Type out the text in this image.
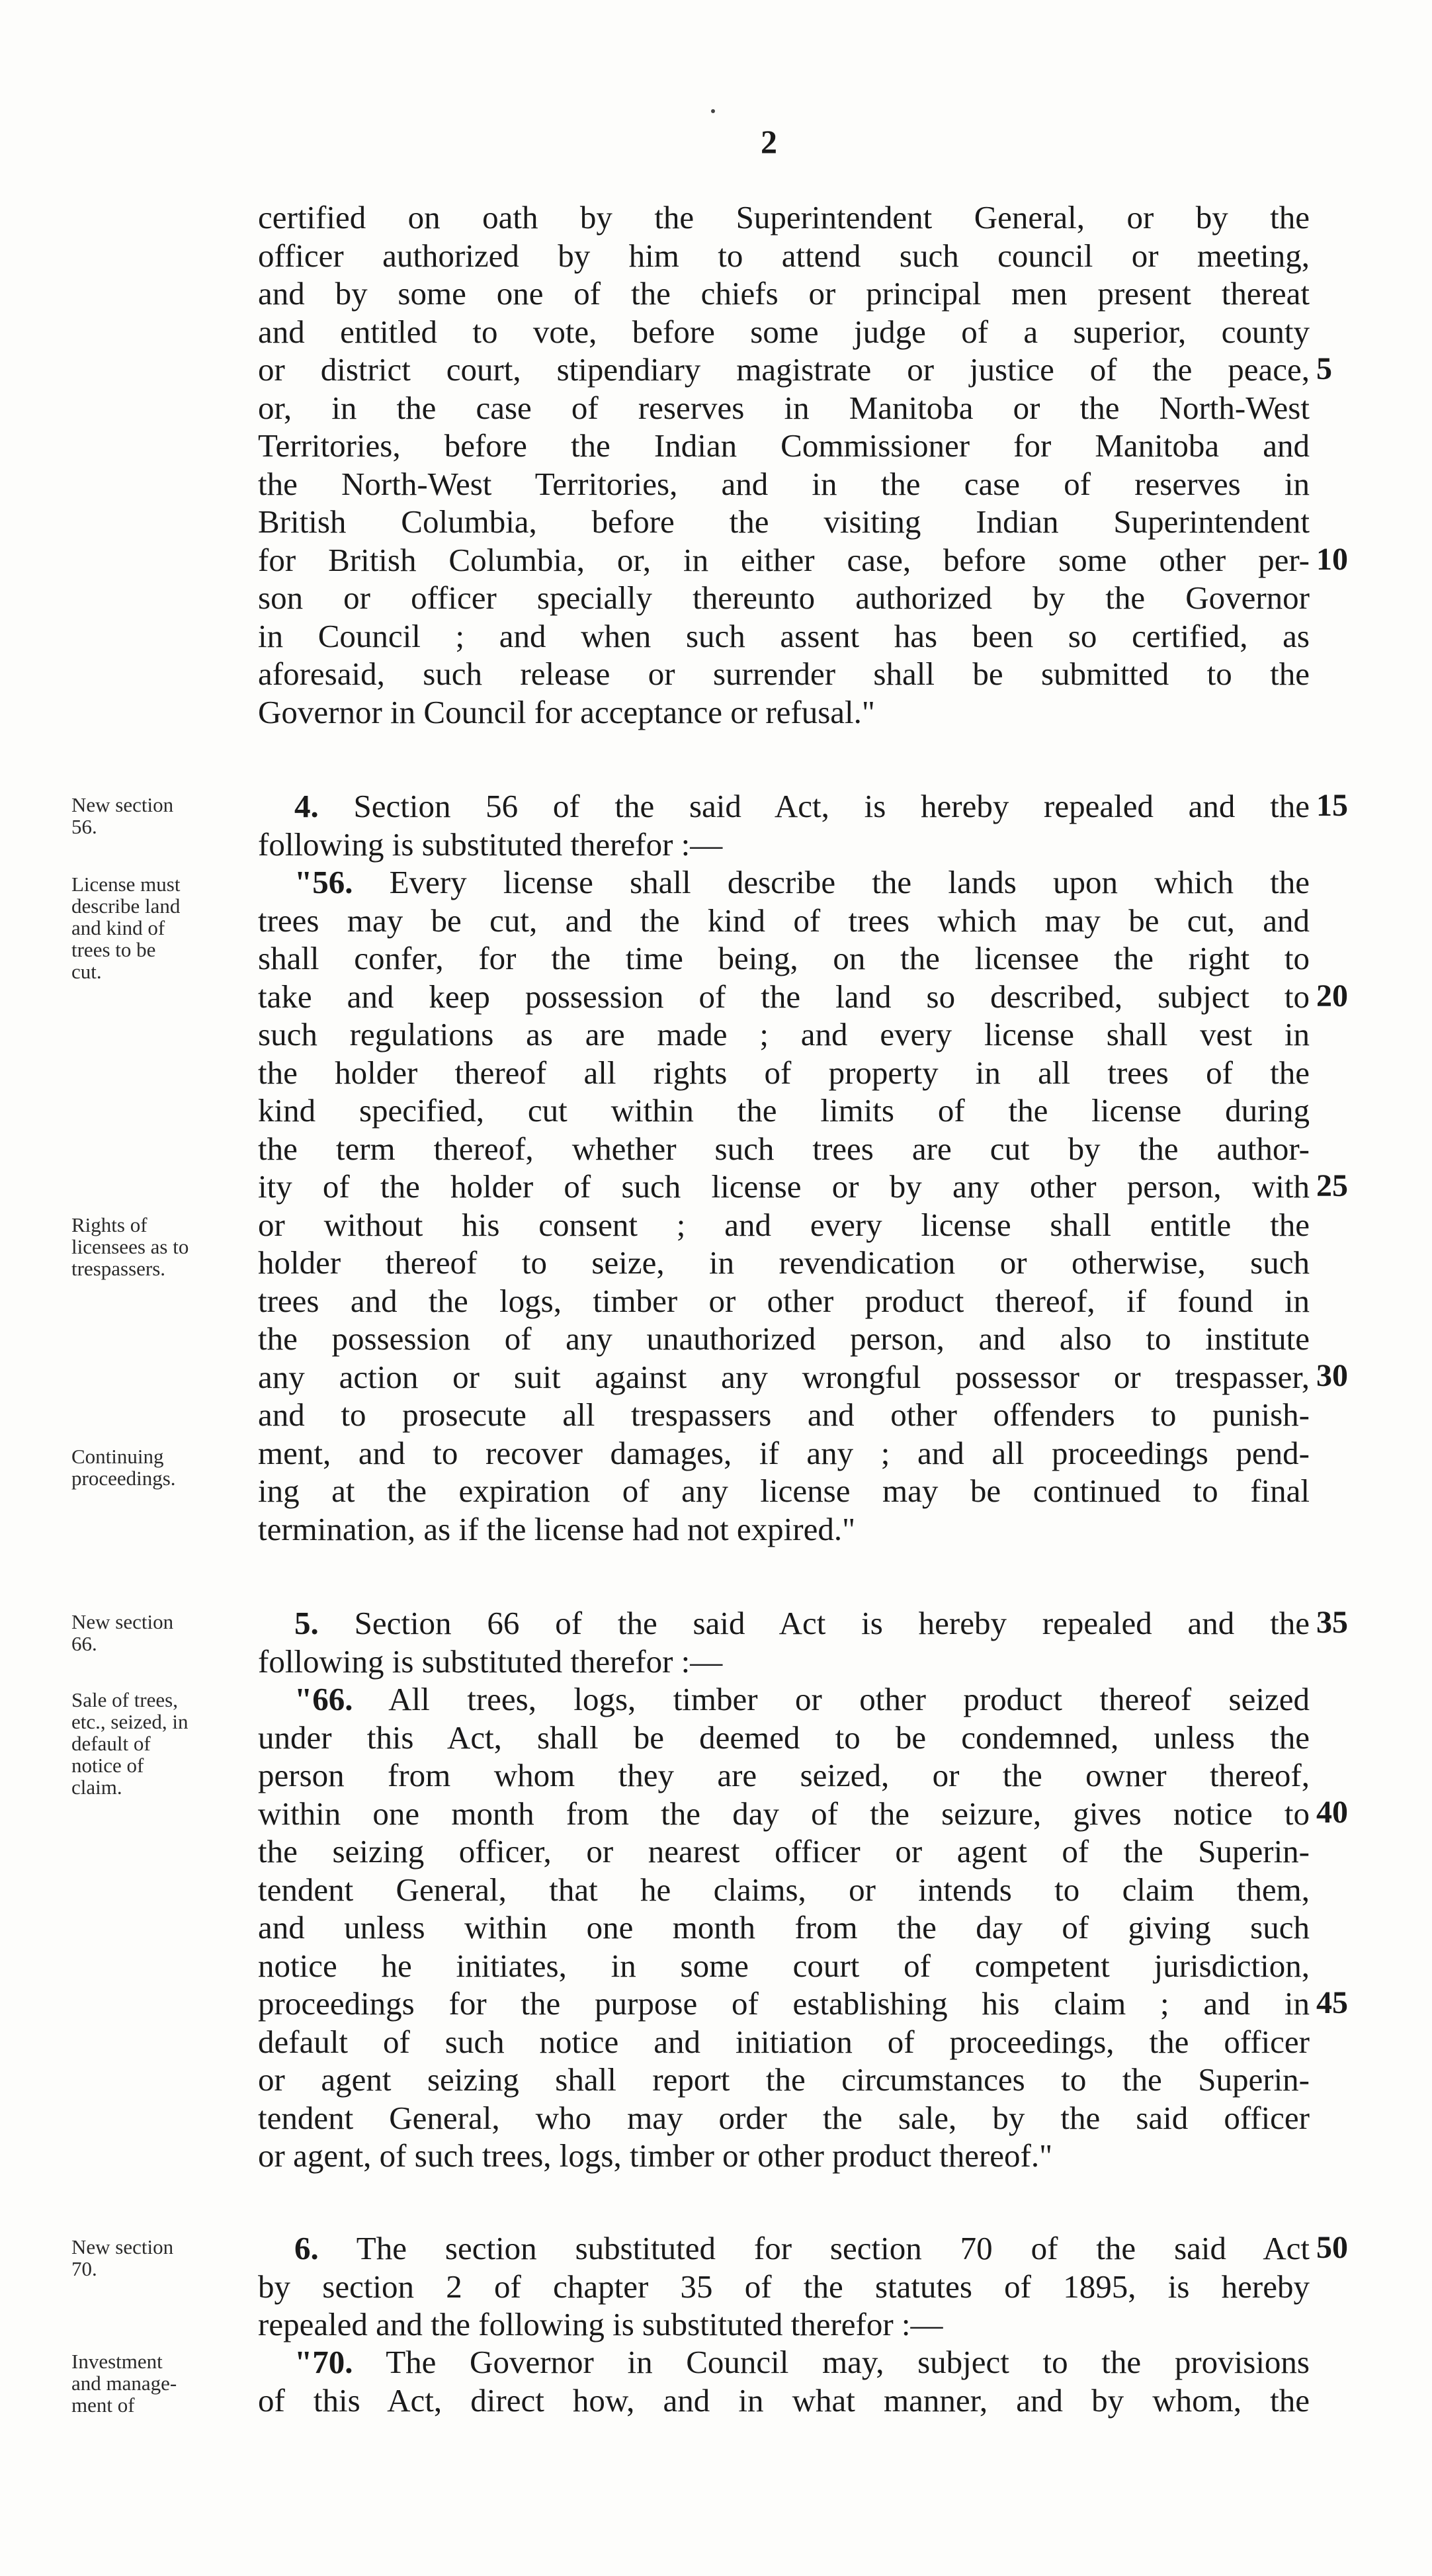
2
certified on oath by the Superintendent General, or by the
officer authorized by him to attend such council or meeting,
and by some one of the chiefs or principal men present thereat
and entitled to vote, before some judge of a superior, county
or district court, stipendiary magistrate or justice of the peace,
or, in the case of reserves in Manitoba or the North-West
Territories, before the Indian Commissioner for Manitoba and
the North-West Territories, and in the case of reserves in
British Columbia, before the visiting Indian Superintendent
for British Columbia, or, in either case, before some other per-
son or officer specially thereunto authorized by the Governor
in Council ; and when such assent has been so certified, as
aforesaid, such release or surrender shall be submitted to the
Governor in Council for acceptance or refusal."
4. Section 56 of the said Act, is hereby repealed and the
following is substituted therefor :—
"56. Every license shall describe the lands upon which the
trees may be cut, and the kind of trees which may be cut, and
shall confer, for the time being, on the licensee the right to
take and keep possession of the land so described, subject to
such regulations as are made ; and every license shall vest in
the holder thereof all rights of property in all trees of the
kind specified, cut within the limits of the license during
the term thereof, whether such trees are cut by the author-
ity of the holder of such license or by any other person, with
or without his consent ; and every license shall entitle the
holder thereof to seize, in revendication or otherwise, such
trees and the logs, timber or other product thereof, if found in
the possession of any unauthorized person, and also to institute
any action or suit against any wrongful possessor or trespasser,
and to prosecute all trespassers and other offenders to punish-
ment, and to recover damages, if any ; and all proceedings pend-
ing at the expiration of any license may be continued to final
termination, as if the license had not expired."
5. Section 66 of the said Act is hereby repealed and the
following is substituted therefor :—
"66. All trees, logs, timber or other product thereof seized
under this Act, shall be deemed to be condemned, unless the
person from whom they are seized, or the owner thereof,
within one month from the day of the seizure, gives notice to
the seizing officer, or nearest officer or agent of the Superin-
tendent General, that he claims, or intends to claim them,
and unless within one month from the day of giving such
notice he initiates, in some court of competent jurisdiction,
proceedings for the purpose of establishing his claim ; and in
default of such notice and initiation of proceedings, the officer
or agent seizing shall report the circumstances to the Superin-
tendent General, who may order the sale, by the said officer
or agent, of such trees, logs, timber or other product thereof."
6. The section substituted for section 70 of the said Act
by section 2 of chapter 35 of the statutes of 1895, is hereby
repealed and the following is substituted therefor :—
"70. The Governor in Council may, subject to the provisions
of this Act, direct how, and in what manner, and by whom, the
5
10
15
20
25
30
35
40
45
50
New section
56.
License must
describe land
and kind of
trees to be
cut.
Rights of
licensees as to
trespassers.
Continuing
proceedings.
New section
66.
Sale of trees,
etc., seized, in
default of
notice of
claim.
New section
70.
Investment
and manage-
ment of
